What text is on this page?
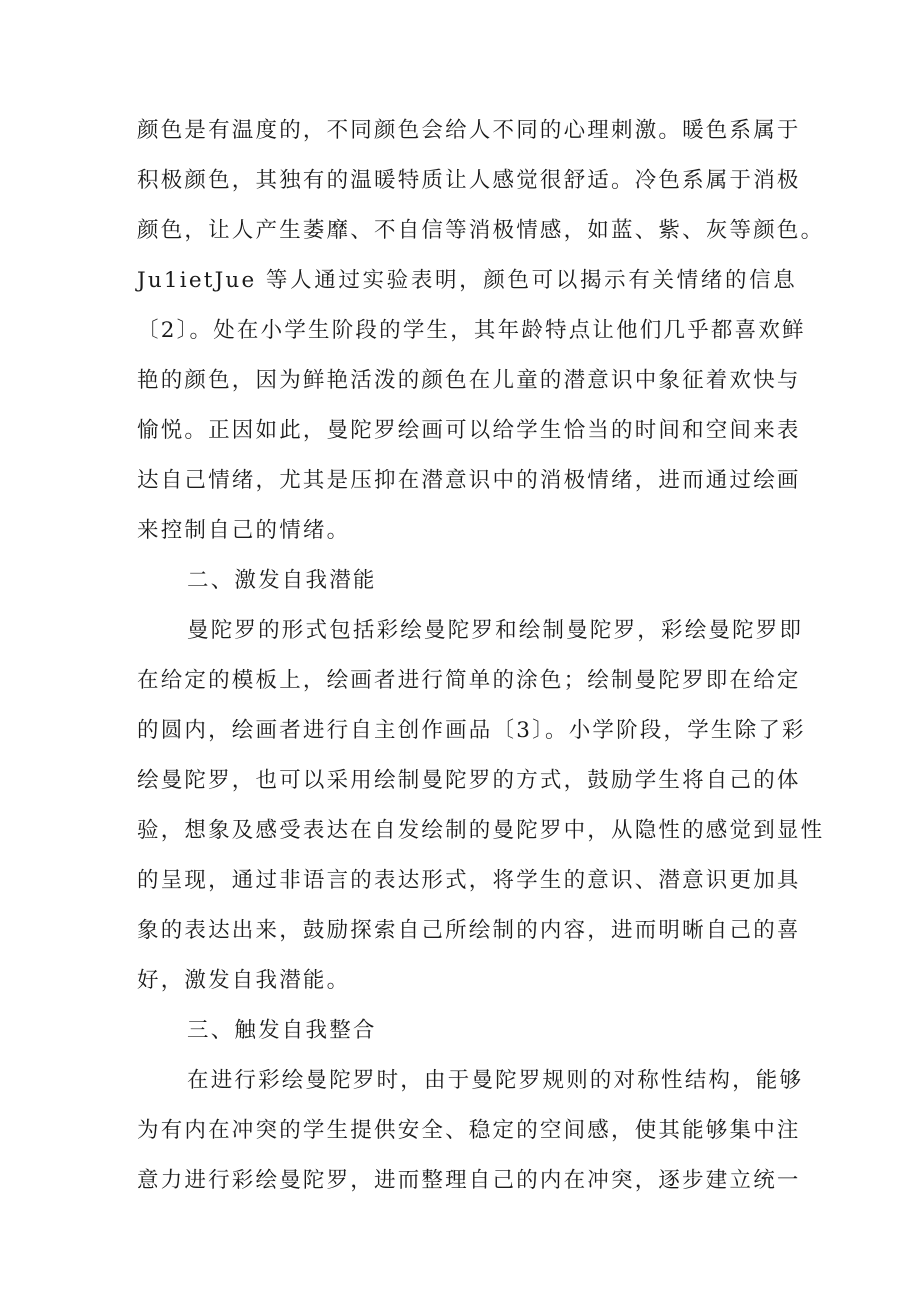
颜色是有温度的，不同颜色会给人不同的心理刺激。暖色系属于
积极颜色，其独有的温暖特质让人感觉很舒适。冷色系属于消极
颜色，让人产生萎靡、不自信等消极情感，如蓝、紫、灰等颜色。
Ju1ietJue 等人通过实验表明，颜色可以揭示有关情绪的信息
〔2〕。处在小学生阶段的学生，其年龄特点让他们几乎都喜欢鲜
艳的颜色，因为鲜艳活泼的颜色在儿童的潜意识中象征着欢快与
愉悦。正因如此，曼陀罗绘画可以给学生恰当的时间和空间来表
达自己情绪，尤其是压抑在潜意识中的消极情绪，进而通过绘画
来控制自己的情绪。
二、激发自我潜能
曼陀罗的形式包括彩绘曼陀罗和绘制曼陀罗，彩绘曼陀罗即
在给定的模板上，绘画者进行简单的涂色；绘制曼陀罗即在给定
的圆内，绘画者进行自主创作画品〔3〕。小学阶段，学生除了彩
绘曼陀罗，也可以采用绘制曼陀罗的方式，鼓励学生将自己的体
验，想象及感受表达在自发绘制的曼陀罗中，从隐性的感觉到显性
的呈现，通过非语言的表达形式，将学生的意识、潜意识更加具
象的表达出来，鼓励探索自己所绘制的内容，进而明晰自己的喜
好，激发自我潜能。
三、触发自我整合
在进行彩绘曼陀罗时，由于曼陀罗规则的对称性结构，能够
为有内在冲突的学生提供安全、稳定的空间感，使其能够集中注
意力进行彩绘曼陀罗，进而整理自己的内在冲突，逐步建立统一
